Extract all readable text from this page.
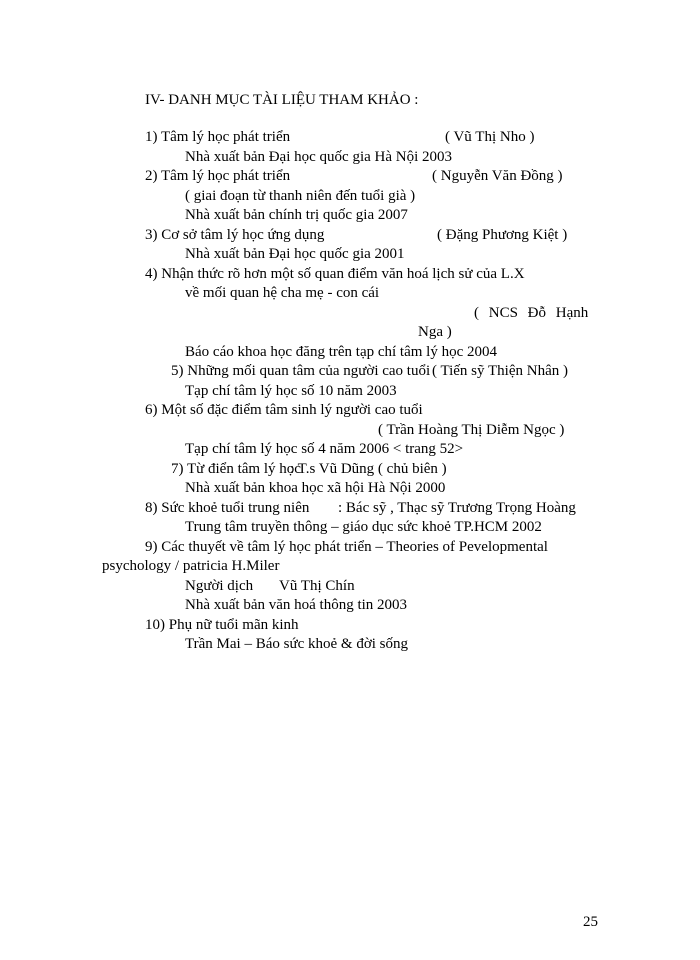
IV- DANH MỤC TÀI LIỆU THAM KHẢO :

1) Tâm lý học phát triển	( Vũ Thị Nho )

Nhà xuất bản Đại học quốc gia Hà Nội 2003

2) Tâm lý học phát triển	( Nguyễn Văn Đồng )

( giai đoạn từ thanh niên đến tuổi già )

Nhà xuất bản chính trị quốc gia 2007

3) Cơ sở tâm lý học ứng dụng	( Đặng Phương Kiệt )

Nhà xuất bản Đại học quốc gia 2001

4) Nhận thức rõ hơn một số quan điểm văn hoá lịch sử của L.X

về mối quan hệ cha mẹ - con cái

( NCS Đỗ Hạnh

Nga )

Báo cáo khoa học đăng trên tạp chí tâm lý học 2004

5) Những mối quan tâm của người cao tuổi ( Tiến sỹ Thiện Nhân )

Tạp chí tâm lý học số 10 năm 2003

6) Một số đặc điểm tâm sinh lý người cao tuổi

( Trần Hoàng Thị Diễm Ngọc )

Tạp chí tâm lý học số 4 năm 2006 < trang 52>

7) Từ điển tâm lý học

: T.s Vũ Dũng ( chủ biên )

Nhà xuất bản khoa học xã hội Hà Nội 2000

8) Sức khoẻ tuổi trung niên : Bác sỹ , Thạc sỹ Trương Trọng Hoàng

Trung tâm truyền thông – giáo dục sức khoẻ TP.HCM 2002

9) Các thuyết về tâm lý học phát triển – Theories of Pevelopmental

psychology / patricia H.Miler

Người dịch Vũ Thị Chín

Nhà xuất bản văn hoá thông tin 2003

10) Phụ nữ tuổi mãn kinh

Trần Mai – Báo sức khoẻ & đời sống

25
